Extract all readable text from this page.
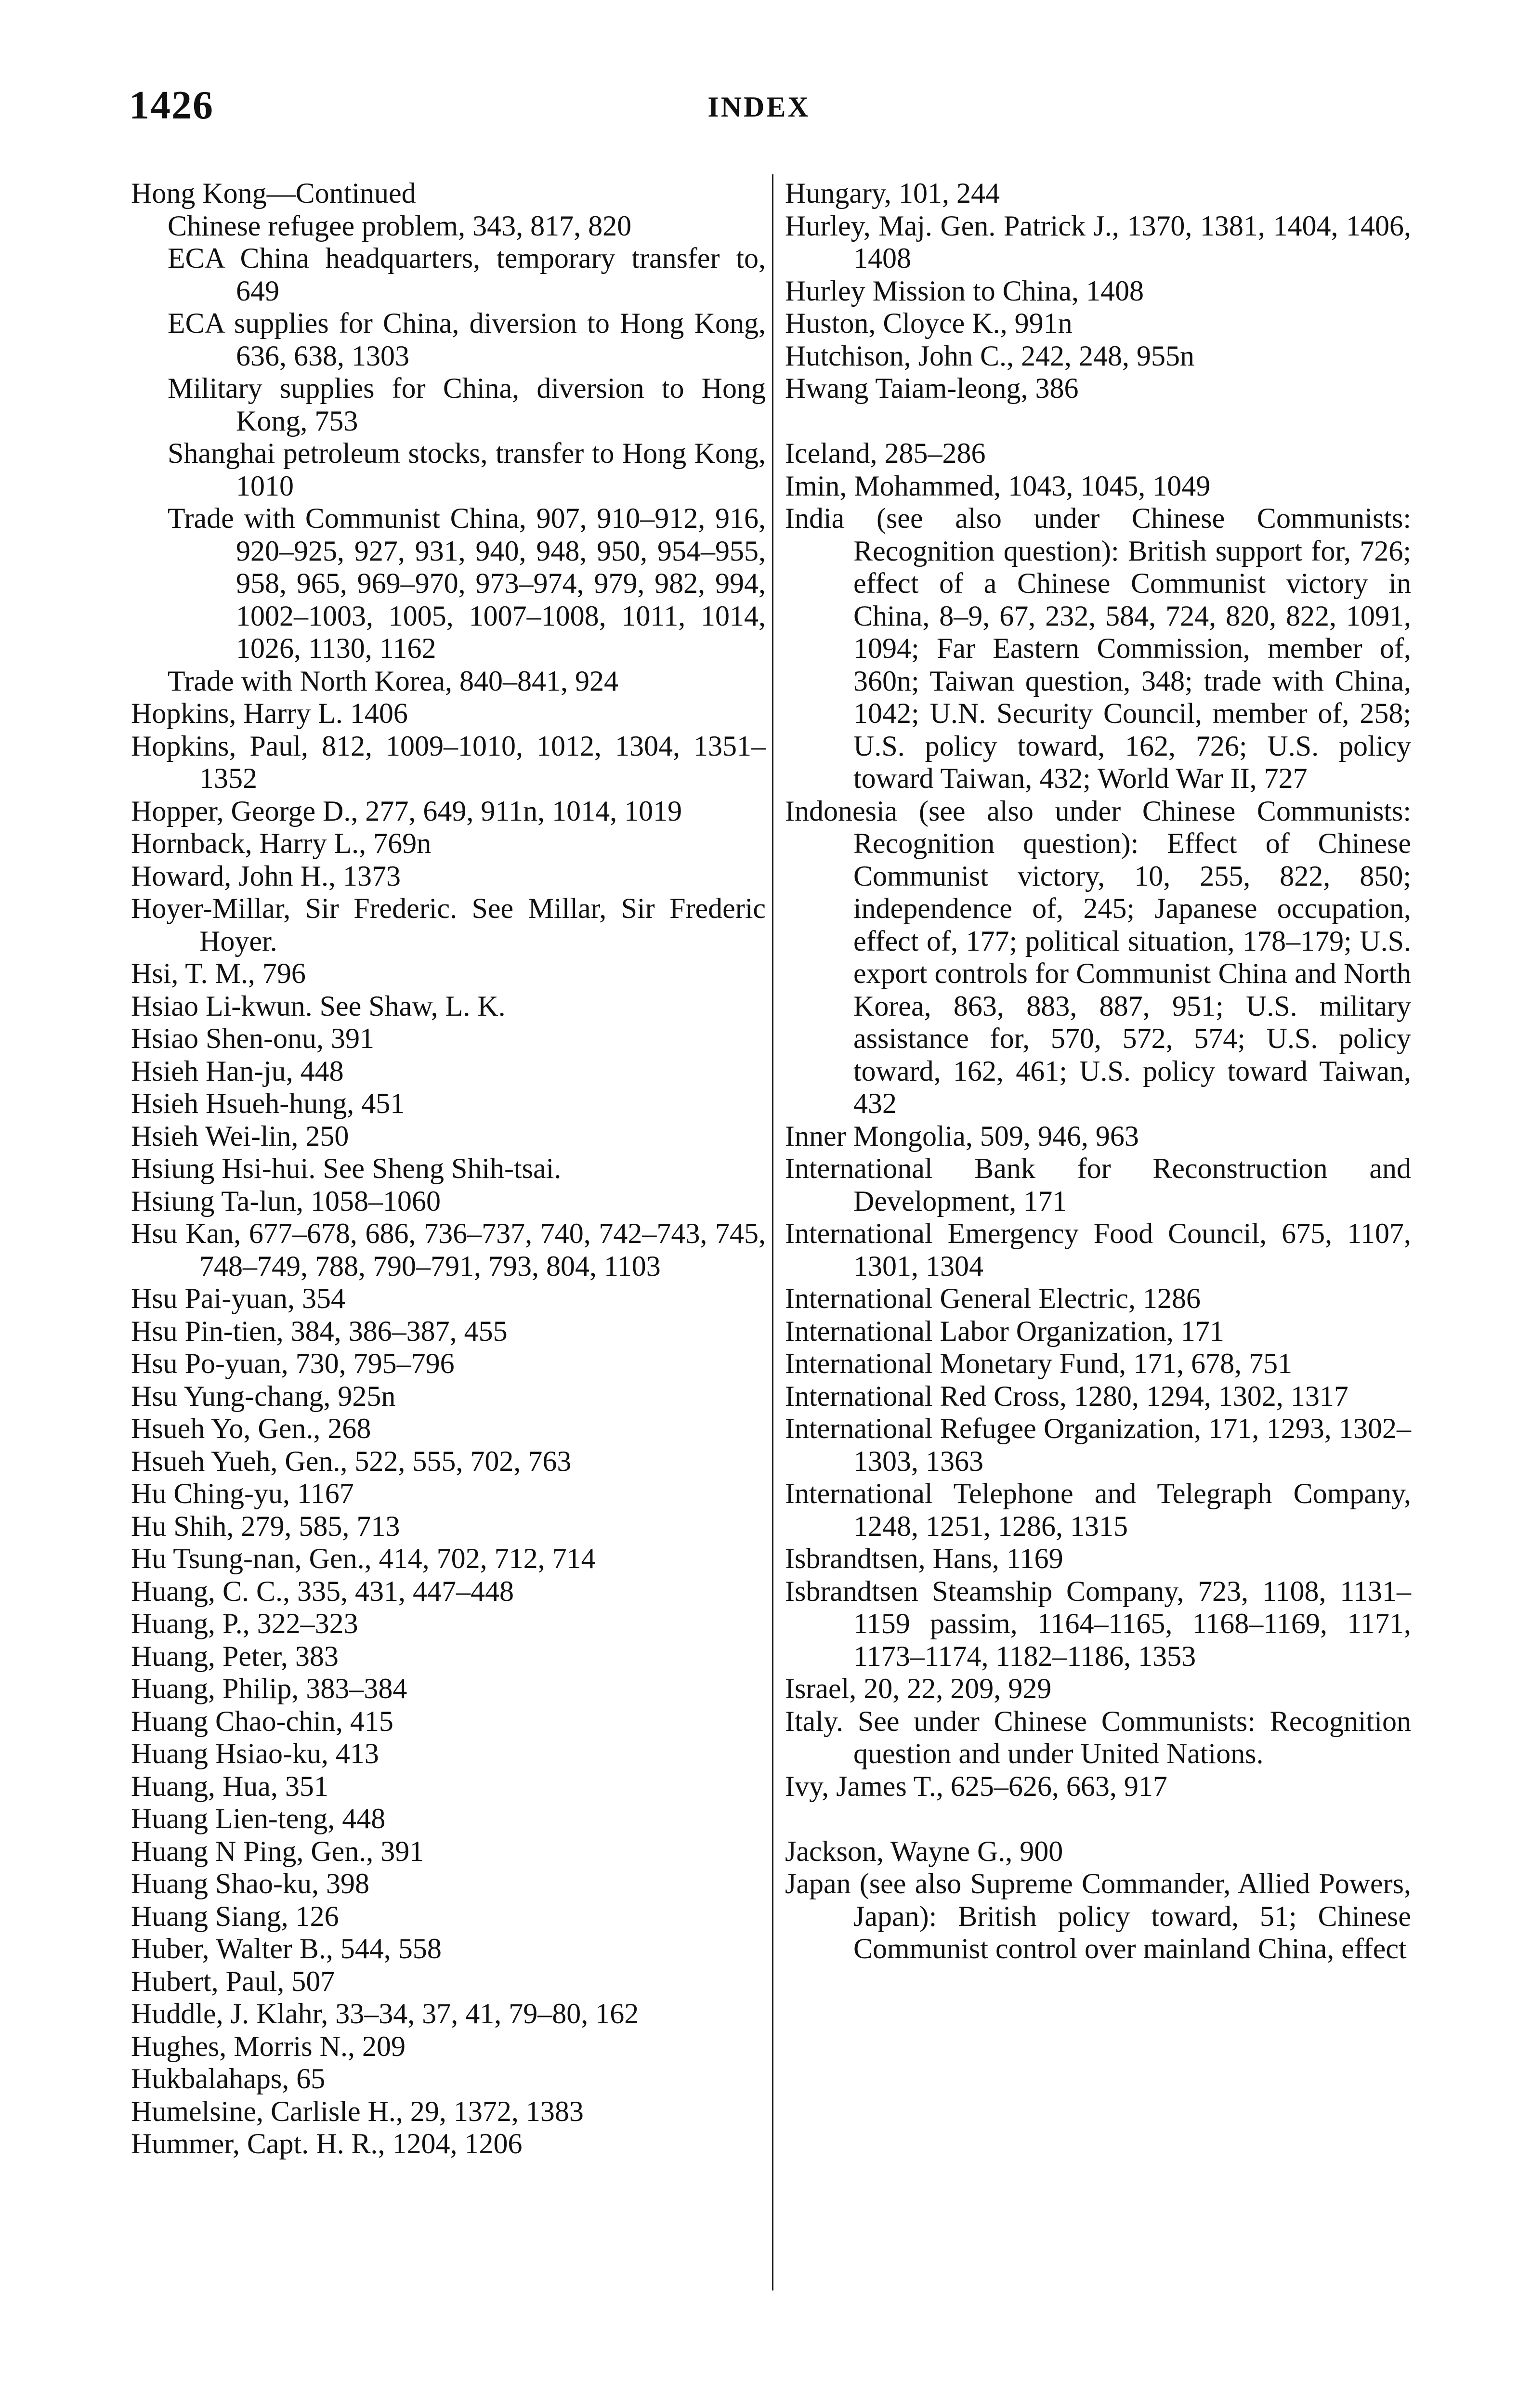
1426	INDEX
Hong Kong—Continued
Chinese refugee problem, 343, 817, 820
ECA China headquarters, temporary transfer to, 649
ECA supplies for China, diversion to Hong Kong, 636, 638, 1303
Military supplies for China, diversion to Hong Kong, 753
Shanghai petroleum stocks, transfer to Hong Kong, 1010
Trade with Communist China, 907, 910–912, 916, 920–925, 927, 931, 940, 948, 950, 954–955, 958, 965, 969–970, 973–974, 979, 982, 994, 1002–1003, 1005, 1007–1008, 1011, 1014, 1026, 1130, 1162
Trade with North Korea, 840–841, 924
Hopkins, Harry L. 1406
Hopkins, Paul, 812, 1009–1010, 1012, 1304, 1351–1352
Hopper, George D., 277, 649, 911n, 1014, 1019
Hornback, Harry L., 769n
Howard, John H., 1373
Hoyer-Millar, Sir Frederic. See Millar, Sir Frederic Hoyer.
Hsi, T. M., 796
Hsiao Li-kwun. See Shaw, L. K.
Hsiao Shen-onu, 391
Hsieh Han-ju, 448
Hsieh Hsueh-hung, 451
Hsieh Wei-lin, 250
Hsiung Hsi-hui. See Sheng Shih-tsai.
Hsiung Ta-lun, 1058–1060
Hsu Kan, 677–678, 686, 736–737, 740, 742–743, 745, 748–749, 788, 790–791, 793, 804, 1103
Hsu Pai-yuan, 354
Hsu Pin-tien, 384, 386–387, 455
Hsu Po-yuan, 730, 795–796
Hsu Yung-chang, 925n
Hsueh Yo, Gen., 268
Hsueh Yueh, Gen., 522, 555, 702, 763
Hu Ching-yu, 1167
Hu Shih, 279, 585, 713
Hu Tsung-nan, Gen., 414, 702, 712, 714
Huang, C. C., 335, 431, 447–448
Huang, P., 322–323
Huang, Peter, 383
Huang, Philip, 383–384
Huang Chao-chin, 415
Huang Hsiao-ku, 413
Huang, Hua, 351
Huang Lien-teng, 448
Huang N Ping, Gen., 391
Huang Shao-ku, 398
Huang Siang, 126
Huber, Walter B., 544, 558
Hubert, Paul, 507
Huddle, J. Klahr, 33–34, 37, 41, 79–80, 162
Hughes, Morris N., 209
Hukbalahaps, 65
Humelsine, Carlisle H., 29, 1372, 1383
Hummer, Capt. H. R., 1204, 1206
Hungary, 101, 244
Hurley, Maj. Gen. Patrick J., 1370, 1381, 1404, 1406, 1408
Hurley Mission to China, 1408
Huston, Cloyce K., 991n
Hutchison, John C., 242, 248, 955n
Hwang Taiam-leong, 386
Iceland, 285–286
Imin, Mohammed, 1043, 1045, 1049
India (see also under Chinese Communists: Recognition question): British support for, 726; effect of a Chinese Communist victory in China, 8–9, 67, 232, 584, 724, 820, 822, 1091, 1094; Far Eastern Commission, member of, 360n; Taiwan question, 348; trade with China, 1042; U.N. Security Council, member of, 258; U.S. policy toward, 162, 726; U.S. policy toward Taiwan, 432; World War II, 727
Indonesia (see also under Chinese Communists: Recognition question): Effect of Chinese Communist victory, 10, 255, 822, 850; independence of, 245; Japanese occupation, effect of, 177; political situation, 178–179; U.S. export controls for Communist China and North Korea, 863, 883, 887, 951; U.S. military assistance for, 570, 572, 574; U.S. policy toward, 162, 461; U.S. policy toward Taiwan, 432
Inner Mongolia, 509, 946, 963
International Bank for Reconstruction and Development, 171
International Emergency Food Council, 675, 1107, 1301, 1304
International General Electric, 1286
International Labor Organization, 171
International Monetary Fund, 171, 678, 751
International Red Cross, 1280, 1294, 1302, 1317
International Refugee Organization, 171, 1293, 1302–1303, 1363
International Telephone and Telegraph Company, 1248, 1251, 1286, 1315
Isbrandtsen, Hans, 1169
Isbrandtsen Steamship Company, 723, 1108, 1131–1159 passim, 1164–1165, 1168–1169, 1171, 1173–1174, 1182–1186, 1353
Israel, 20, 22, 209, 929
Italy. See under Chinese Communists: Recognition question and under United Nations.
Ivy, James T., 625–626, 663, 917
Jackson, Wayne G., 900
Japan (see also Supreme Commander, Allied Powers, Japan): British policy toward, 51; Chinese Communist control over mainland China, effect
